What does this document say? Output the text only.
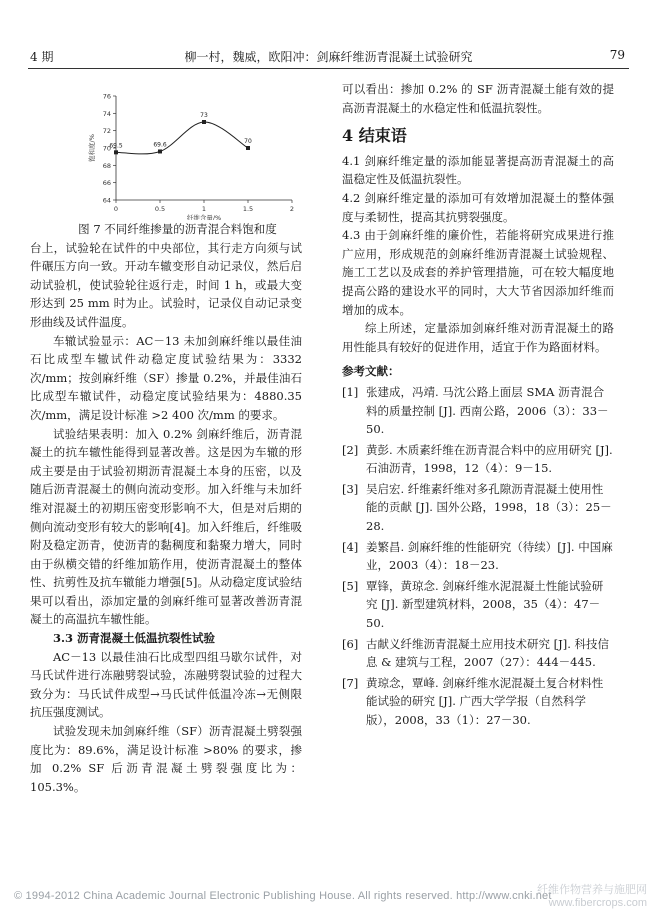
4 期	柳一村，魏威，欧阳冲：剑麻纤维沥青混凝土试验研究	79
64
66
68
70
72
74
76
0	0.5	1	1.5	2
69.5	69.6
73
70
饱和度/%
纤维含量/%

图 7 不同纤维掺量的沥青混合料饱和度

台上，试验轮在试件的中央部位，其行走方向须与试件碾压方向一致。开动车辙变形自动记录仪，然后启动试验机，使试验轮往返行走，时间 1 h，或最大变形达到 25 mm 时为止。试验时，记录仪自动记录变形曲线及试件温度。

车辙试验显示：AC－13 未加剑麻纤维以最佳油石比成型车辙试件动稳定度试验结果为：3332 次/mm；按剑麻纤维（SF）掺量 0.2%，并最佳油石比成型车辙试件，动稳定度试验结果为：4880.35 次/mm，满足设计标准 >2 400 次/mm 的要求。

试验结果表明：加入 0.2% 剑麻纤维后，沥青混凝土的抗车辙性能得到显著改善。这是因为车辙的形成主要是由于试验初期沥青混凝土本身的压密，以及随后沥青混凝土的侧向流动变形。加入纤维与未加纤维对混凝土的初期压密变形影响不大，但是对后期的侧向流动变形有较大的影响[4]。加入纤维后，纤维吸附及稳定沥青，使沥青的黏稠度和黏聚力增大，同时由于纵横交错的纤维加筋作用，使沥青混凝土的整体性、抗剪性及抗车辙能力增强[5]。从动稳定度试验结果可以看出，添加定量的剑麻纤维可显著改善沥青混凝土的高温抗车辙性能。

3.3 沥青混凝土低温抗裂性试验

AC－13 以最佳油石比成型四组马歇尔试件，对马氏试件进行冻融劈裂试验，冻融劈裂试验的过程大致分为：马氏试件成型→马氏试件低温冷冻→无侧限抗压强度测试。

试验发现未加剑麻纤维（SF）沥青混凝土劈裂强度比为：89.6%，满足设计标准 >80% 的要求，掺加 0.2% SF 后沥青混凝土劈裂强度比为：105.3%。

可以看出：掺加 0.2% 的 SF 沥青混凝土能有效的提高沥青混凝土的水稳定性和低温抗裂性。

4 结束语

4.1 剑麻纤维定量的添加能显著提高沥青混凝土的高温稳定性及低温抗裂性。

4.2 剑麻纤维定量的添加可有效增加混凝土的整体强度与柔韧性，提高其抗劈裂强度。

4.3 由于剑麻纤维的廉价性，若能将研究成果进行推广应用，形成规范的剑麻纤维沥青混凝土试验规程、施工工艺以及成套的养护管理措施，可在较大幅度地提高公路的建设水平的同时，大大节省因添加纤维而增加的成本。

综上所述，定量添加剑麻纤维对沥青混凝土的路用性能具有较好的促进作用，适宜于作为路面材料。

参考文献：
[1] 张建成，冯靖. 马沈公路上面层 SMA 沥青混合料的质量控制 [J]. 西南公路，2006（3）：33－50.
[2] 黄彭. 木质素纤维在沥青混合料中的应用研究 [J]. 石油沥青，1998，12（4）：9－15.
[3] 吴启宏. 纤维素纤维对多孔隙沥青混凝土使用性能的贡献 [J]. 国外公路，1998，18（3）：25－28.
[4] 姜繁昌. 剑麻纤维的性能研究（待续）[J]. 中国麻业，2003（4）：18－23.
[5] 覃锋，黄琼念. 剑麻纤维水泥混凝土性能试验研究 [J]. 新型建筑材料，2008，35（4）：47－50.
[6] 古献义纤维沥青混凝土应用技术研究 [J]. 科技信息 & 建筑与工程，2007（27）：444－445.
[7] 黄琼念，覃峰. 剑麻纤维水泥混凝土复合材料性能试验的研究 [J]. 广西大学学报（自然科学版），2008，33（1）：27－30.
© 1994-2012 China Academic Journal Electronic Publishing House. All rights reserved. http://www.cnki.net
纤维作物营养与施肥网
www.fibercrops.com
